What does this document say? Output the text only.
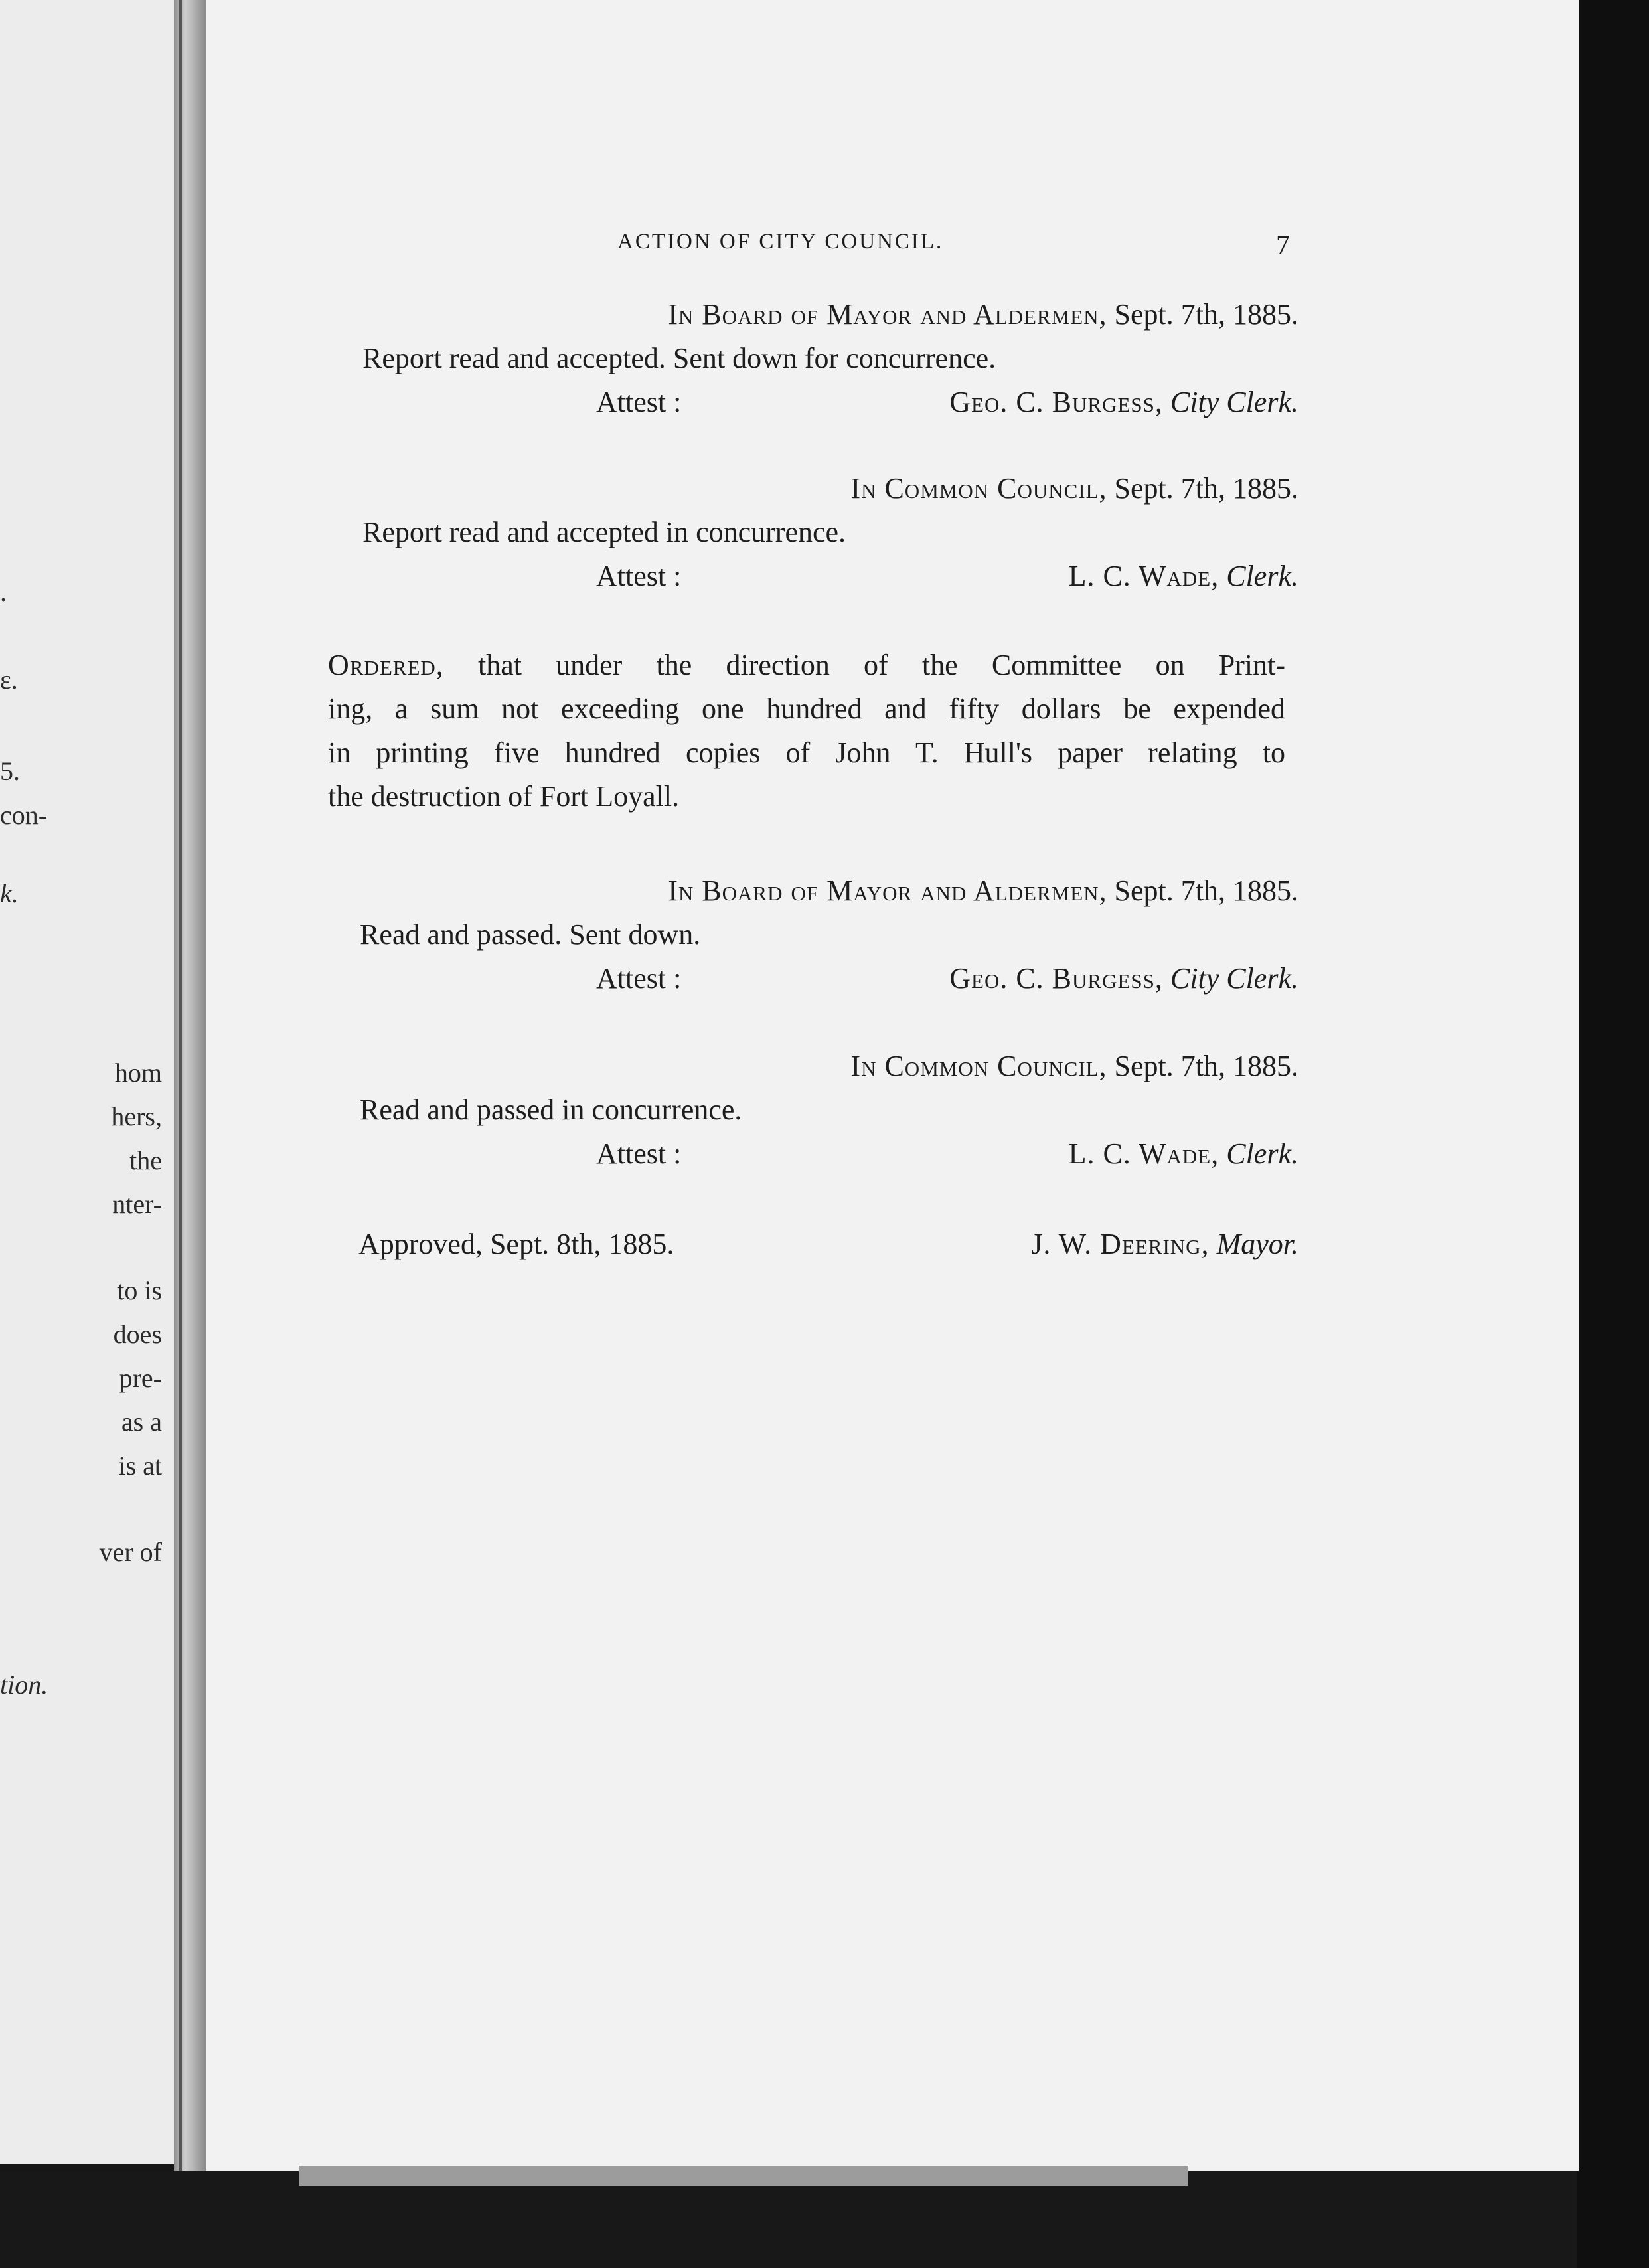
.
ε.
5.
con-
k.
hom
hers,
the
nter-
to is
does
pre-
as a
is at
ver of
tion.
ACTION OF CITY COUNCIL.	7
In Board of Mayor and Aldermen, Sept. 7th, 1885.
Report read and accepted. Sent down for concurrence.
Attest :	Geo. C. Burgess, City Clerk.
In Common Council, Sept. 7th, 1885.
Report read and accepted in concurrence.
Attest :	L. C. Wade, Clerk.
Ordered, that under the direction of the Committee on Print-
ing, a sum not exceeding one hundred and fifty dollars be expended
in printing five hundred copies of John T. Hull's paper relating to
the destruction of Fort Loyall.
In Board of Mayor and Aldermen, Sept. 7th, 1885.
Read and passed. Sent down.
Attest :	Geo. C. Burgess, City Clerk.
In Common Council, Sept. 7th, 1885.
Read and passed in concurrence.
Attest :	L. C. Wade, Clerk.
Approved, Sept. 8th, 1885.	J. W. Deering, Mayor.
